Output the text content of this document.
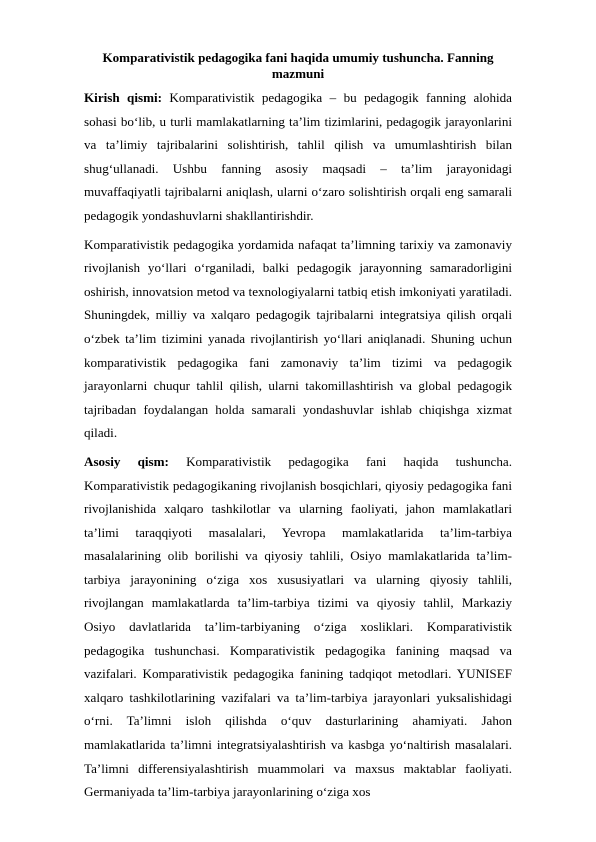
Komparativistik pedagogika fani haqida umumiy tushuncha. Fanning mazmuni

Kirish qismi: Komparativistik pedagogika – bu pedagogik fanning alohida sohasi bo‘lib, u turli mamlakatlarning ta’lim tizimlarini, pedagogik jarayonlarini va ta’limiy tajribalarini solishtirish, tahlil qilish va umumlashtirish bilan shug‘ullanadi. Ushbu fanning asosiy maqsadi – ta’lim jarayonidagi muvaffaqiyatli tajribalarni aniqlash, ularni o‘zaro solishtirish orqali eng samarali pedagogik yondashuvlarni shakllantirishdir.

Komparativistik pedagogika yordamida nafaqat ta’limning tarixiy va zamonaviy rivojlanish yo‘llari o‘rganiladi, balki pedagogik jarayonning samaradorligini oshirish, innovatsion metod va texnologiyalarni tatbiq etish imkoniyati yaratiladi. Shuningdek, milliy va xalqaro pedagogik tajribalarni integratsiya qilish orqali o‘zbek ta’lim tizimini yanada rivojlantirish yo‘llari aniqlanadi. Shuning uchun komparativistik pedagogika fani zamonaviy ta’lim tizimi va pedagogik jarayonlarni chuqur tahlil qilish, ularni takomillashtirish va global pedagogik tajribadan foydalangan holda samarali yondashuvlar ishlab chiqishga xizmat qiladi.

Asosiy qism: Komparativistik pedagogika fani haqida tushuncha. Komparativistik pedagogikaning rivojlanish bosqichlari, qiyosiy pedagogika fani rivojlanishida xalqaro tashkilotlar va ularning faoliyati, jahon mamlakatlari ta’limi taraqqiyoti masalalari, Yevropa mamlakatlarida ta’lim-tarbiya masalalarining olib borilishi va qiyosiy tahlili, Osiyo mamlakatlarida ta’lim-tarbiya jarayonining o‘ziga xos xususiyatlari va ularning qiyosiy tahlili, rivojlangan mamlakatlarda ta’lim-tarbiya tizimi va qiyosiy tahlil, Markaziy Osiyo davlatlarida ta’lim-tarbiyaning o‘ziga xosliklari. Komparativistik pedagogika tushunchasi. Komparativistik pedagogika fanining maqsad va vazifalari. Komparativistik pedagogika fanining tadqiqot metodlari. YUNISEF xalqaro tashkilotlarining vazifalari va ta’lim-tarbiya jarayonlari yuksalishidagi o‘rni. Ta’limni isloh qilishda o‘quv dasturlarining ahamiyati. Jahon mamlakatlarida ta’limni integratsiyalashtirish va kasbga yo‘naltirish masalalari. Ta’limni differensiyalashtirish muammolari va maxsus maktablar faoliyati. Germaniyada ta’lim-tarbiya jarayonlarining o‘ziga xos
